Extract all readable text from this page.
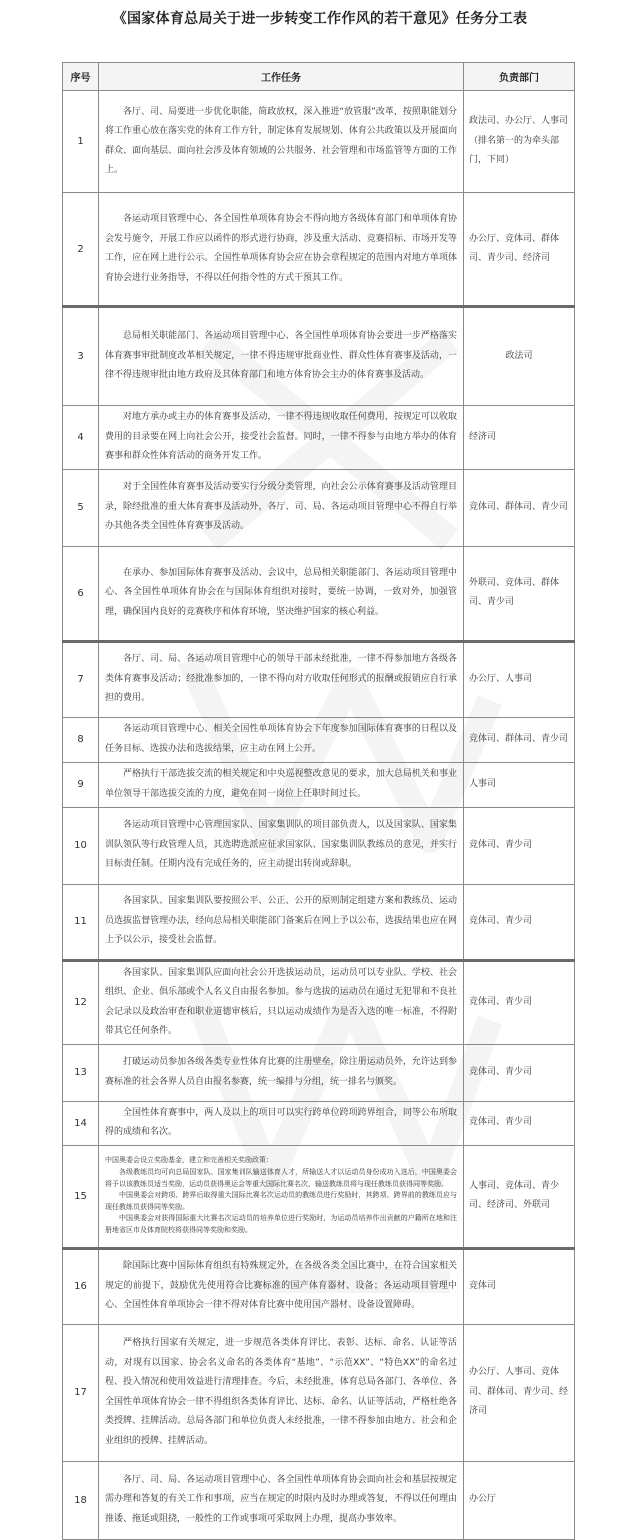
《国家体育总局关于进一步转变工作作风的若干意见》任务分工表
序号	工作任务	负责部门
1	各厅、司、局要进一步优化职能，简政放权，深入推进“放管服”改革，按照职能划分将工作重心放在落实党的体育工作方针，制定体育发展规划、体育公共政策以及开展面向群众、面向基层、面向社会涉及体育领域的公共服务、社会管理和市场监管等方面的工作上。	政法司、办公厅、人事司（排名第一的为牵头部门，下同）
2	各运动项目管理中心、各全国性单项体育协会不得向地方各级体育部门和单项体育协会发号施令，开展工作应以函件的形式进行协商，涉及重大活动、竞赛招标、市场开发等工作，应在网上进行公示。全国性单项体育协会应在协会章程规定的范围内对地方单项体育协会进行业务指导，不得以任何指令性的方式干预其工作。	办公厅、竞体司、群体司、青少司、经济司
3	总局相关职能部门、各运动项目管理中心、各全国性单项体育协会要进一步严格落实体育赛事审批制度改革相关规定，一律不得违规审批商业性、群众性体育赛事及活动，一律不得违规审批由地方政府及其体育部门和地方体育协会主办的体育赛事及活动。	政法司
4	对地方承办或主办的体育赛事及活动，一律不得违规收取任何费用，按规定可以收取费用的目录要在网上向社会公开，接受社会监督。同时，一律不得参与由地方举办的体育赛事和群众性体育活动的商务开发工作。	经济司
5	对于全国性体育赛事及活动要实行分级分类管理，向社会公示体育赛事及活动管理目录，除经批准的重大体育赛事及活动外，各厅、司、局、各运动项目管理中心不得自行举办其他各类全国性体育赛事及活动。	竞体司、群体司、青少司
6	在承办、参加国际体育赛事及活动、会议中，总局相关职能部门、各运动项目管理中心、各全国性单项体育协会在与国际体育组织对接时，要统一协调，一致对外，加强管理，确保国内良好的竞赛秩序和体育环境，坚决维护国家的核心利益。	外联司、竞体司、群体司、青少司
7	各厅、司、局、各运动项目管理中心的领导干部未经批准，一律不得参加地方各级各类体育赛事及活动；经批准参加的，一律不得向对方收取任何形式的报酬或报销应自行承担的费用。	办公厅、人事司
8	各运动项目管理中心、相关全国性单项体育协会下年度参加国际体育赛事的日程以及任务目标、选拔办法和选拔结果，应主动在网上公开。	竞体司、群体司、青少司
9	严格执行干部选拔交流的相关规定和中央巡视整改意见的要求，加大总局机关和事业单位领导干部选拔交流的力度，避免在同一岗位上任职时间过长。	人事司
10	各运动项目管理中心管理国家队、国家集训队的项目部负责人，以及国家队、国家集训队领队等行政管理人员，其选聘选派应征求国家队、国家集训队教练员的意见，并实行目标责任制。任期内没有完成任务的，应主动提出转岗或辞职。	竞体司、青少司
11	各国家队、国家集训队要按照公平、公正、公开的原则制定组建方案和教练员、运动员选拔监督管理办法，经向总局相关职能部门备案后在网上予以公布，选拔结果也应在网上予以公示，接受社会监督。	竞体司、青少司
12	各国家队、国家集训队应面向社会公开选拔运动员，运动员可以专业队、学校、社会组织、企业、俱乐部或个人名义自由报名参加。参与选拔的运动员在通过无犯罪和不良社会记录以及政治审查和职业道德审核后，只以运动成绩作为是否入选的唯一标准，不得附带其它任何条件。	竞体司、青少司
13	打破运动员参加各级各类专业性体育比赛的注册壁垒，除注册运动员外，允许达到参赛标准的社会各界人员自由报名参赛，统一编排与分组，统一排名与颁奖。	竞体司、青少司
14	全国性体育赛事中，两人及以上的项目可以实行跨单位跨项跨界组合，同等公布所取得的成绩和名次。	竞体司、青少司
15	中国奥委会设立奖励基金，建立和完善相关奖励政策：
各级教练员均可向总局国家队、国家集训队输送体育人才，所输送人才以运动员身份成功入选后，中国奥委会将予以该教练员适当奖励，运动员获得奥运会等重大国际比赛名次，输送教练员将与现任教练员获得同等奖励。
中国奥委会对跨项、跨界后取得重大国际比赛名次运动员的教练员进行奖励时，其跨项、跨界前的教练员应与现任教练员获得同等奖励。
中国奥委会对获得国际重大比赛名次运动员的培养单位进行奖励时，为运动员培养作出贡献的户籍所在地和注册地省区市及体育院校将获得同等奖励和奖励。	人事司、竞体司、青少司、经济司、外联司
16	除国际比赛中国际体育组织有特殊规定外，在各级各类全国比赛中，在符合国家相关规定的前提下，鼓励优先使用符合比赛标准的国产体育器材、设备；各运动项目管理中心、全国性体育单项协会一律不得对体育比赛中使用国产器材、设备设置障碍。	竞体司
17	严格执行国家有关规定，进一步规范各类体育评比、表彰、达标、命名、认证等活动，对现有以国家、协会名义命名的各类体育“基地”、“示范XX”、“特色XX”的命名过程、投入情况和使用效益进行清理排查。今后，未经批准，体育总局各部门、各单位、各全国性单项体育协会一律不得组织各类体育评比、达标、命名、认证等活动，严格杜绝各类授牌、挂牌活动。总局各部门和单位负责人未经批准，一律不得参加由地方、社会和企业组织的授牌、挂牌活动。	办公厅、人事司、竞体司、群体司、青少司、经济司
18	各厅、司、局、各运动项目管理中心、各全国性单项体育协会面向社会和基层按规定需办理和答复的有关工作和事项，应当在规定的时限内及时办理或答复，不得以任何理由推诿、拖延或阻挠，一般性的工作或事项可采取网上办理，提高办事效率。	办公厅
